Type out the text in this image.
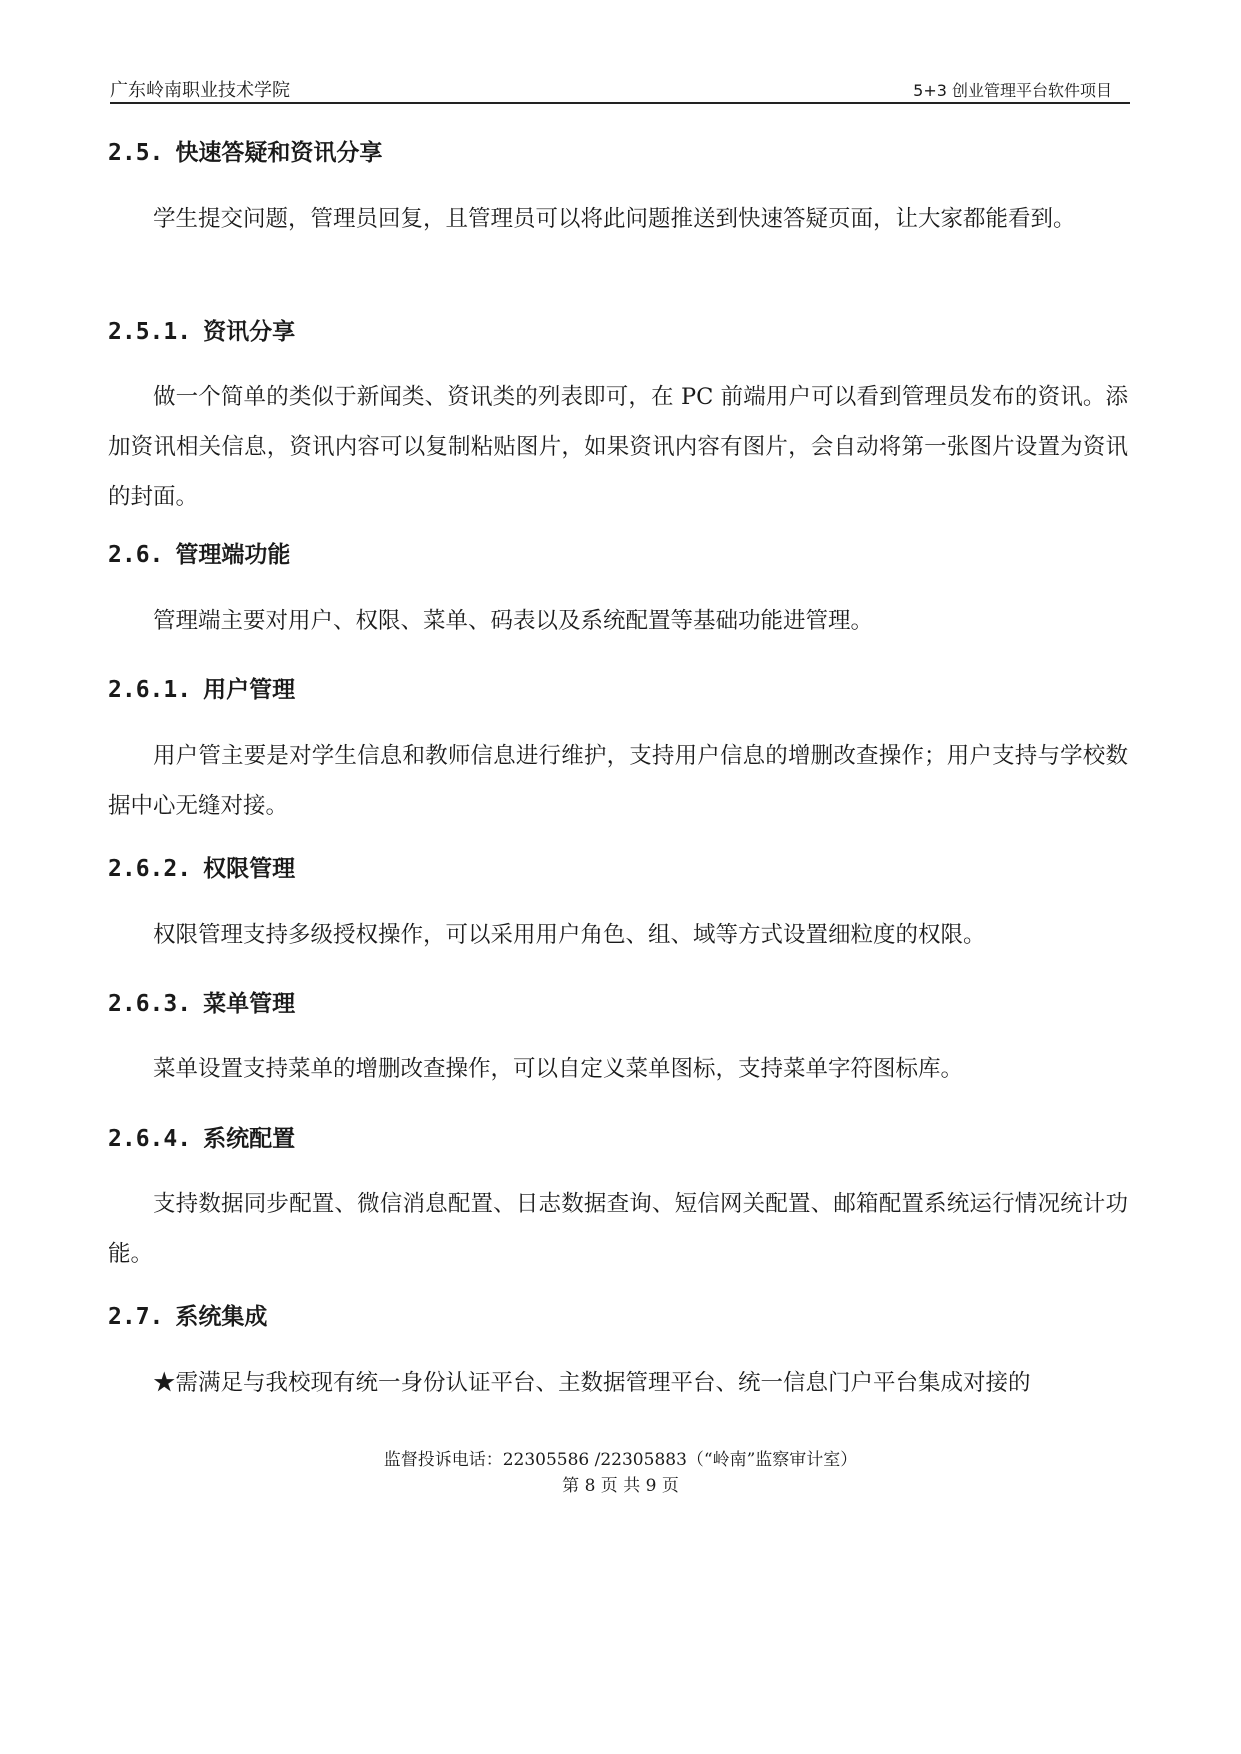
广东岭南职业技术学院	5+3 创业管理平台软件项目
2.5. 快速答疑和资讯分享
学生提交问题，管理员回复，且管理员可以将此问题推送到快速答疑页面，让大家都能看到。
2.5.1. 资讯分享
做一个简单的类似于新闻类、资讯类的列表即可，在 PC 前端用户可以看到管理员发布的资讯。添加资讯相关信息，资讯内容可以复制粘贴图片，如果资讯内容有图片，会自动将第一张图片设置为资讯的封面。
2.6. 管理端功能
管理端主要对用户、权限、菜单、码表以及系统配置等基础功能进管理。
2.6.1. 用户管理
用户管主要是对学生信息和教师信息进行维护，支持用户信息的增删改查操作；用户支持与学校数据中心无缝对接。
2.6.2. 权限管理
权限管理支持多级授权操作，可以采用用户角色、组、域等方式设置细粒度的权限。
2.6.3. 菜单管理
菜单设置支持菜单的增删改查操作，可以自定义菜单图标，支持菜单字符图标库。
2.6.4. 系统配置
支持数据同步配置、微信消息配置、日志数据查询、短信网关配置、邮箱配置系统运行情况统计功能。
2.7. 系统集成
★需满足与我校现有统一身份认证平台、主数据管理平台、统一信息门户平台集成对接的
监督投诉电话：22305586 /22305883（“岭南”监察审计室）
第 8 页 共 9 页
